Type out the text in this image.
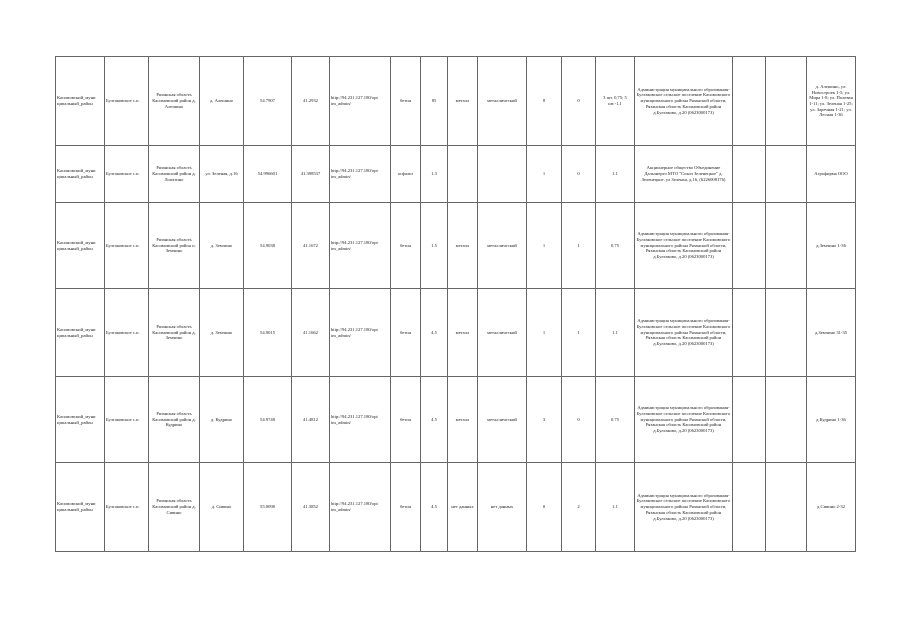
Касимовский_муни ципальный_район	Булгаковское с.п.	Рязанская область Касимовский район д. Алешино	д. Алешино	54.7907	41.2932	http://94.231.127.180/opt im_admin/	бетон	85	металл	металлический	8	0	3 шт. 0,75; 5 шт.-1,1	Администрация муниципального образования-Булгаковское сельское поселение Касимовского муниципального района Рязанской области, Рязанская область Касимовский район д.Булгаково, д.20 (0623000173)			д. Алешино, ул. Новостроек 1-5; ул. Мира 1-8; ул. Полевая 1-11; ул. Зеленая 1-25; ул. Заречная 1-21; ул. Лесная 1-36
Касимовский_муни ципальный_район	Булгаковское с.п.	Рязанская область Касимовский район д. Лопатино	ул. Зеленая, д.16	54.996601	41.398537	http://94.231.127.180/opt im_admin/	асфальт	1.3			1	0	1.1	Акционерное общество Объединение Дальэнерго МТО "Сокол Зеленецкое" д. Зеленецкое, ул Зеленая, д.16, (6226008176)			Агрофирма ООО
Касимовский_муни ципальный_район	Булгаковское с.п.	Рязанская область Касимовский район п. Земчино	д. Земчино	54.9038	41.1672	http://94.231.127.180/opt im_admin/	бетон	1.5	металл	металлический	1	1	0.75	Администрация муниципального образования-Булгаковское сельское поселение Касимовского муниципального района Рязанской области, Рязанская область Касимовский район д.Булгаково, д.20 (0623000173)			д.Земчино 1-36
Касимовский_муни ципальный_район	Булгаковское с.п.	Рязанская область Касимовский район д. Земчино	д. Земчино	54.9015	41.1662	http://94.231.127.180/opt im_admin/	бетон	4.5	металл	металлический	1	1	1.1	Администрация муниципального образования-Булгаковское сельское поселение Касимовского муниципального района Рязанской области, Рязанская область Касимовский район д.Булгаково, д.20 (0623000173)			д.Земчино 31-35
Касимовский_муни ципальный_район	Булгаковское с.п.	Рязанская область Касимовский район д. Кудрино	д. Кудрино	54.9748	41.4812	http://94.231.127.180/opt im_admin/	бетон	4.5	металл	металлический	3	0	0.75	Администрация муниципального образования-Булгаковское сельское поселение Касимовского муниципального района Рязанской области, Рязанская область Касимовский район д.Булгаково, д.20 (0623000173)			д.Кудрино 1-36
Касимовский_муни ципальный_район	Булгаковское с.п.	Рязанская область Касимовский район д. Сивино	д. Сивино	55.0098	41.3852	http://94.231.127.180/opt im_admin/	бетон	4.5	нет данных	нет данных	0	2	1.1	Администрация муниципального образования-Булгаковское сельское поселение Касимовского муниципального района Рязанской области, Рязанская область Касимовский район д.Булгаково, д.20 (0623000173)			д.Сивино 2-32
